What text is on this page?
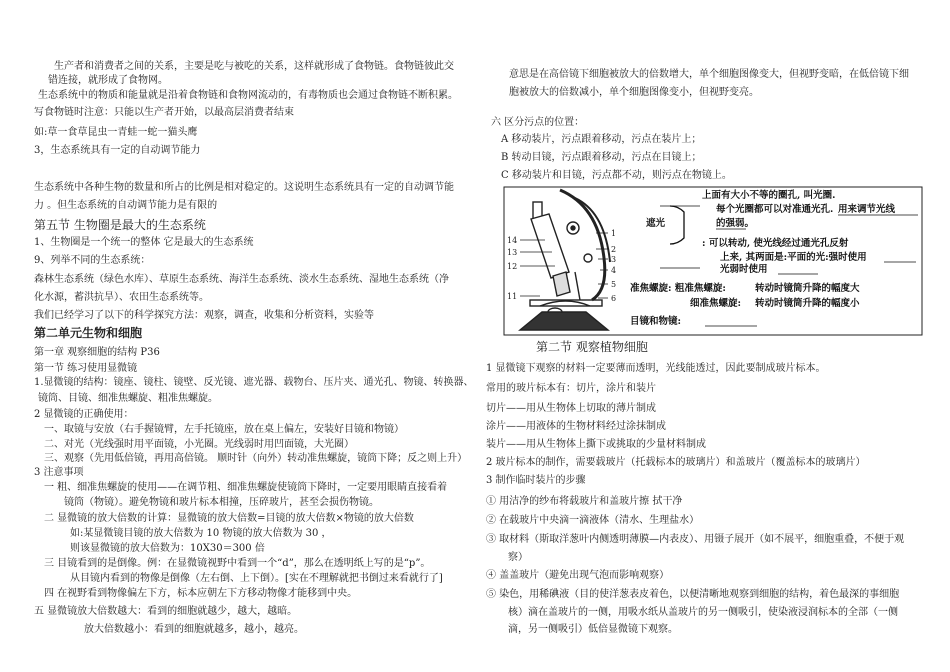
生产者和消费者之间的关系，主要是吃与被吃的关系，这样就形成了食物链。食物链彼此交
错连接，就形成了食物网。
生态系统中的物质和能量就是沿着食物链和食物网流动的，有毒物质也会通过食物链不断积累。
写食物链时注意：只能以生产者开始，以最高层消费者结束
如:草一食草昆虫一青蛙一蛇一猫头鹰
3，生态系统具有一定的自动调节能力
生态系统中各种生物的数量和所占的比例是相对稳定的。这说明生态系统具有一定的自动调节能
力 。但生态系统的自动调节能力是有限的
第五节 生物圈是最大的生态系统
1、生物圈是一个统一的整体 它是最大的生态系统
9、列举不同的生态系统：
森林生态系统（绿色水库）、草原生态系统、海洋生态系统、淡水生态系统、湿地生态系统（净
化水源，蓄洪抗旱）、农田生态系统等。
我们已经学习了以下的科学探究方法：观察，调查，收集和分析资料，实验等
第二单元生物和细胞
第一章 观察细胞的结构 P36
第一节 练习使用显微镜
1.显微镜的结构：镜座、镜柱、镜壁、反光镜、遮光器、载物台、压片夹、通光孔、物镜、转换器、
镜筒、目镜、细准焦螺旋、粗准焦螺旋。
2 显微镜的正确使用：
一、取镜与安放（右手握镜臂，左手托镜座，放在桌上偏左，安装好目镜和物镜）
二、对光（光线强时用平面镜，小光圈。光线弱时用凹面镜，大光圈）
三、观察（先用低倍镜，再用高倍镜。 顺时针（向外）转动准焦螺旋，镜筒下降；反之则上升）
3 注意事项
一 粗、细准焦螺旋的使用——在调节粗、细准焦螺旋使镜筒下降时，一定要用眼睛直接看着
镜筒（物镜）。避免物镜和玻片标本相撞，压碎玻片，甚至会损伤物镜。
二 显微镜的放大倍数的计算：显微镜的放大倍数=目镜的放大倍数×物镜的放大倍数
如:某显微镜目镜的放大倍数为 10 物镜的放大倍数为 30 ，
则该显微镜的放大倍数为：10X30＝300 倍
三 目镜看到的是倒像。例：在显微镜视野中看到一个“d”，那么在透明纸上写的是“p”。
从目镜内看到的物像是倒像（左右倒、上下倒）。[实在不理解就把书倒过来看就行了]
四 在视野看到物像偏左下方，标本应朝左下方移动物像才能移到中央。
五 显微镜放大倍数越大：看到的细胞就越少，越大，越暗。
放大倍数越小：看到的细胞就越多，越小，越亮。
意思是在高倍镜下细胞被放大的倍数增大，单个细胞图像变大，但视野变暗，在低倍镜下细
胞被放大的倍数减小，单个细胞图像变小，但视野变亮。
六 区分污点的位置：
A 移动装片，污点跟着移动，污点在装片上；
B 转动目镜，污点跟着移动，污点在目镜上；
C 移动装片和目镜，污点都不动，则污点在物镜上。
14
13
12
11
1
2
3
4
5
6
遮光
上面有大小不等的圈孔, 叫光圈.
每个光圈都可以对准通光孔. 用来调节光线
的强弱。
: 可以转动, 使光线经过通光孔反射
上来, 其两面是:平面的光:强时使用
光弱时使用
准焦螺旋: 粗准焦螺旋:	转动时镜筒升降的幅度大
细准焦螺旋: 转动时镜筒升降的幅度小
目镜和物镜:
第二节 观察植物细胞
1 显微镜下观察的材料一定要薄而透明，光线能透过，因此要制成玻片标本。
常用的玻片标本有：切片，涂片和装片
切片——用从生物体上切取的薄片制成
涂片——用液体的生物材料经过涂抹制成
装片——用从生物体上撕下或挑取的少量材料制成
2 玻片标本的制作，需要载玻片（托载标本的玻璃片）和盖玻片（覆盖标本的玻璃片）
3 制作临时装片的步骤
① 用洁净的纱布将载玻片和盖玻片擦 拭干净
② 在载玻片中央滴一滴液体（清水、生理盐水）
③ 取材料（斯取洋葱叶内侧透明薄膜—内表皮）、用镊子展开（如不展平，细胞重叠，不便于观
察）
④ 盖盖玻片（避免出现气泡而影响观察）
⑤ 染色，用稀碘液（目的使洋葱表皮着色，以便清晰地观察到细胞的结构，着色最深的事细胞
核）滴在盖玻片的一侧，用吸水纸从盖玻片的另一侧吸引，使染液浸润标本的全部（一侧
滴，另一侧吸引）低倍显微镜下观察。
